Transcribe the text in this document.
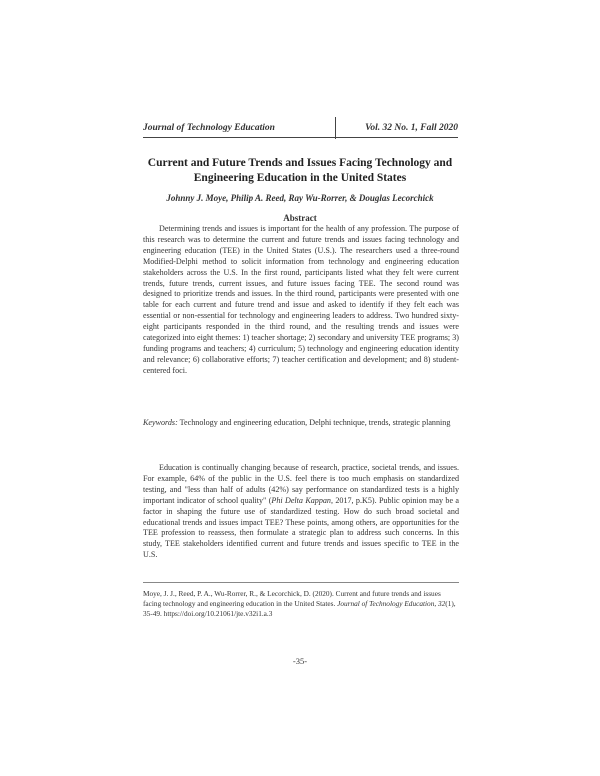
Journal of Technology Education	Vol. 32 No. 1, Fall 2020
Current and Future Trends and Issues Facing Technology and Engineering Education in the United States
Johnny J. Moye, Philip A. Reed, Ray Wu-Rorrer, & Douglas Lecorchick
Abstract
Determining trends and issues is important for the health of any profession. The purpose of this research was to determine the current and future trends and issues facing technology and engineering education (TEE) in the United States (U.S.). The researchers used a three-round Modified-Delphi method to solicit information from technology and engineering education stakeholders across the U.S. In the first round, participants listed what they felt were current trends, future trends, current issues, and future issues facing TEE. The second round was designed to prioritize trends and issues. In the third round, participants were presented with one table for each current and future trend and issue and asked to identify if they felt each was essential or non-essential for technology and engineering leaders to address. Two hundred sixty-eight participants responded in the third round, and the resulting trends and issues were categorized into eight themes: 1) teacher shortage; 2) secondary and university TEE programs; 3) funding programs and teachers; 4) curriculum; 5) technology and engineering education identity and relevance; 6) collaborative efforts; 7) teacher certification and development; and 8) student-centered foci.
Keywords: Technology and engineering education, Delphi technique, trends, strategic planning
Education is continually changing because of research, practice, societal trends, and issues. For example, 64% of the public in the U.S. feel there is too much emphasis on standardized testing, and "less than half of adults (42%) say performance on standardized tests is a highly important indicator of school quality" (Phi Delta Kappan, 2017, p.K5). Public opinion may be a factor in shaping the future use of standardized testing. How do such broad societal and educational trends and issues impact TEE? These points, among others, are opportunities for the TEE profession to reassess, then formulate a strategic plan to address such concerns. In this study, TEE stakeholders identified current and future trends and issues specific to TEE in the U.S.
Moye, J. J., Reed, P. A., Wu-Rorrer, R., & Lecorchick, D. (2020). Current and future trends and issues facing technology and engineering education in the United States. Journal of Technology Education, 32(1), 35-49. https://doi.org/10.21061/jte.v32i1.a.3
-35-
